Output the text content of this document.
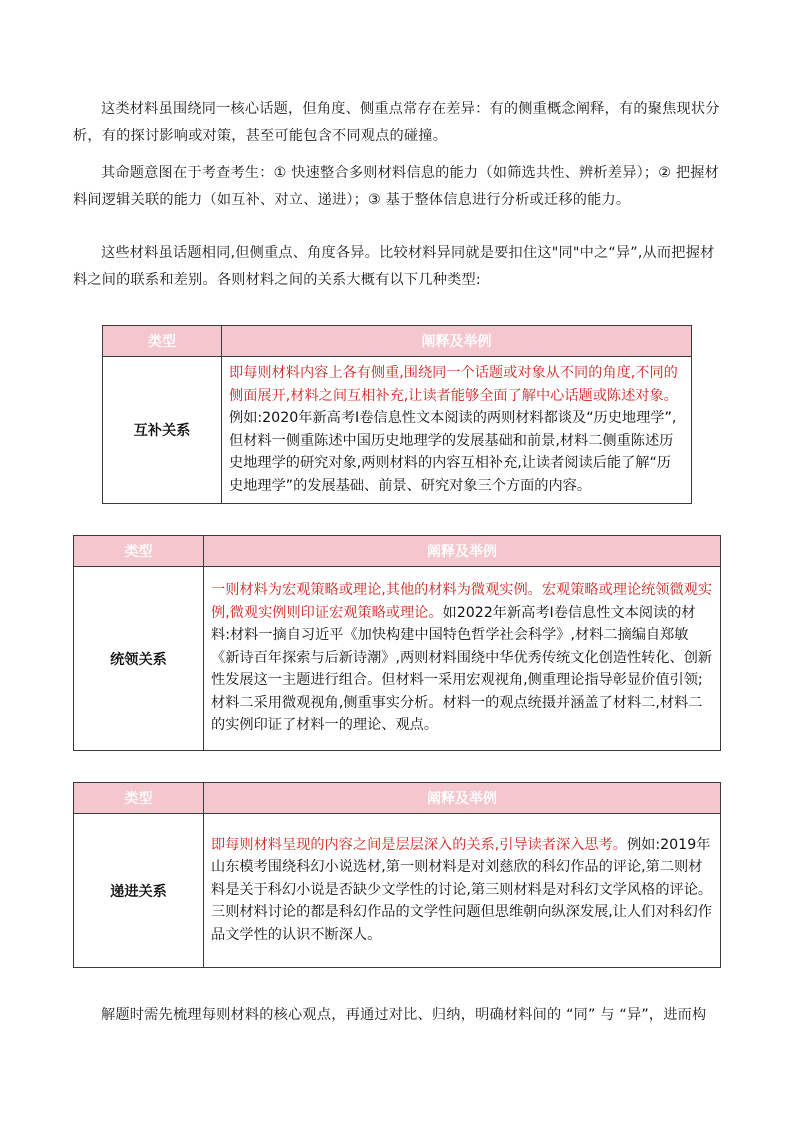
这类材料虽围绕同一核心话题，但角度、侧重点常存在差异：有的侧重概念阐释，有的聚焦现状分析，有的探讨影响或对策，甚至可能包含不同观点的碰撞。

其命题意图在于考查考生：① 快速整合多则材料信息的能力（如筛选共性、辨析差异）；② 把握材料间逻辑关联的能力（如互补、对立、递进）；③ 基于整体信息进行分析或迁移的能力。

这些材料虽话题相同,但侧重点、角度各异。比较材料异同就是要扣住这"同"中之“异”,从而把握材料之间的联系和差别。各则材料之间的关系大概有以下几种类型:

类型	阐释及举例
互补关系	即每则材料内容上各有侧重,围绕同一个话题或对象从不同的角度,不同的侧面展开,材料之间互相补充,让读者能够全面了解中心话题或陈述对象。例如:2020年新高考Ⅰ卷信息性文本阅读的两则材料都谈及“历史地理学”,但材料一侧重陈述中国历史地理学的发展基础和前景,材料二侧重陈述历史地理学的研究对象,两则材料的内容互相补充,让读者阅读后能了解“历史地理学”的发展基础、前景、研究对象三个方面的内容。
类型	阐释及举例
统领关系	一则材料为宏观策略或理论,其他的材料为微观实例。宏观策略或理论统领微观实例,微观实例则印证宏观策略或理论。如2022年新高考Ⅰ卷信息性文本阅读的材料:材料一摘自习近平《加快构建中国特色哲学社会科学》,材料二摘编自郑敏《新诗百年探索与后新诗潮》,两则材料围绕中华优秀传统文化创造性转化、创新性发展这一主题进行组合。但材料一采用宏观视角,侧重理论指导彰显价值引领;材料二采用微观视角,侧重事实分析。材料一的观点统摄并涵盖了材料二,材料二的实例印证了材料一的理论、观点。
类型	阐释及举例
递进关系	即每则材料呈现的内容之间是层层深入的关系,引导读者深入思考。例如:2019年山东模考围绕科幻小说选材,第一则材料是对刘慈欣的科幻作品的评论,第二则材料是关于科幻小说是否缺少文学性的讨论,第三则材料是对科幻文学风格的评论。三则材料讨论的都是科幻作品的文学性问题但思维朝向纵深发展,让人们对科幻作品文学性的认识不断深人。

解题时需先梳理每则材料的核心观点，再通过对比、归纳，明确材料间的 “同” 与 “异”，进而构
